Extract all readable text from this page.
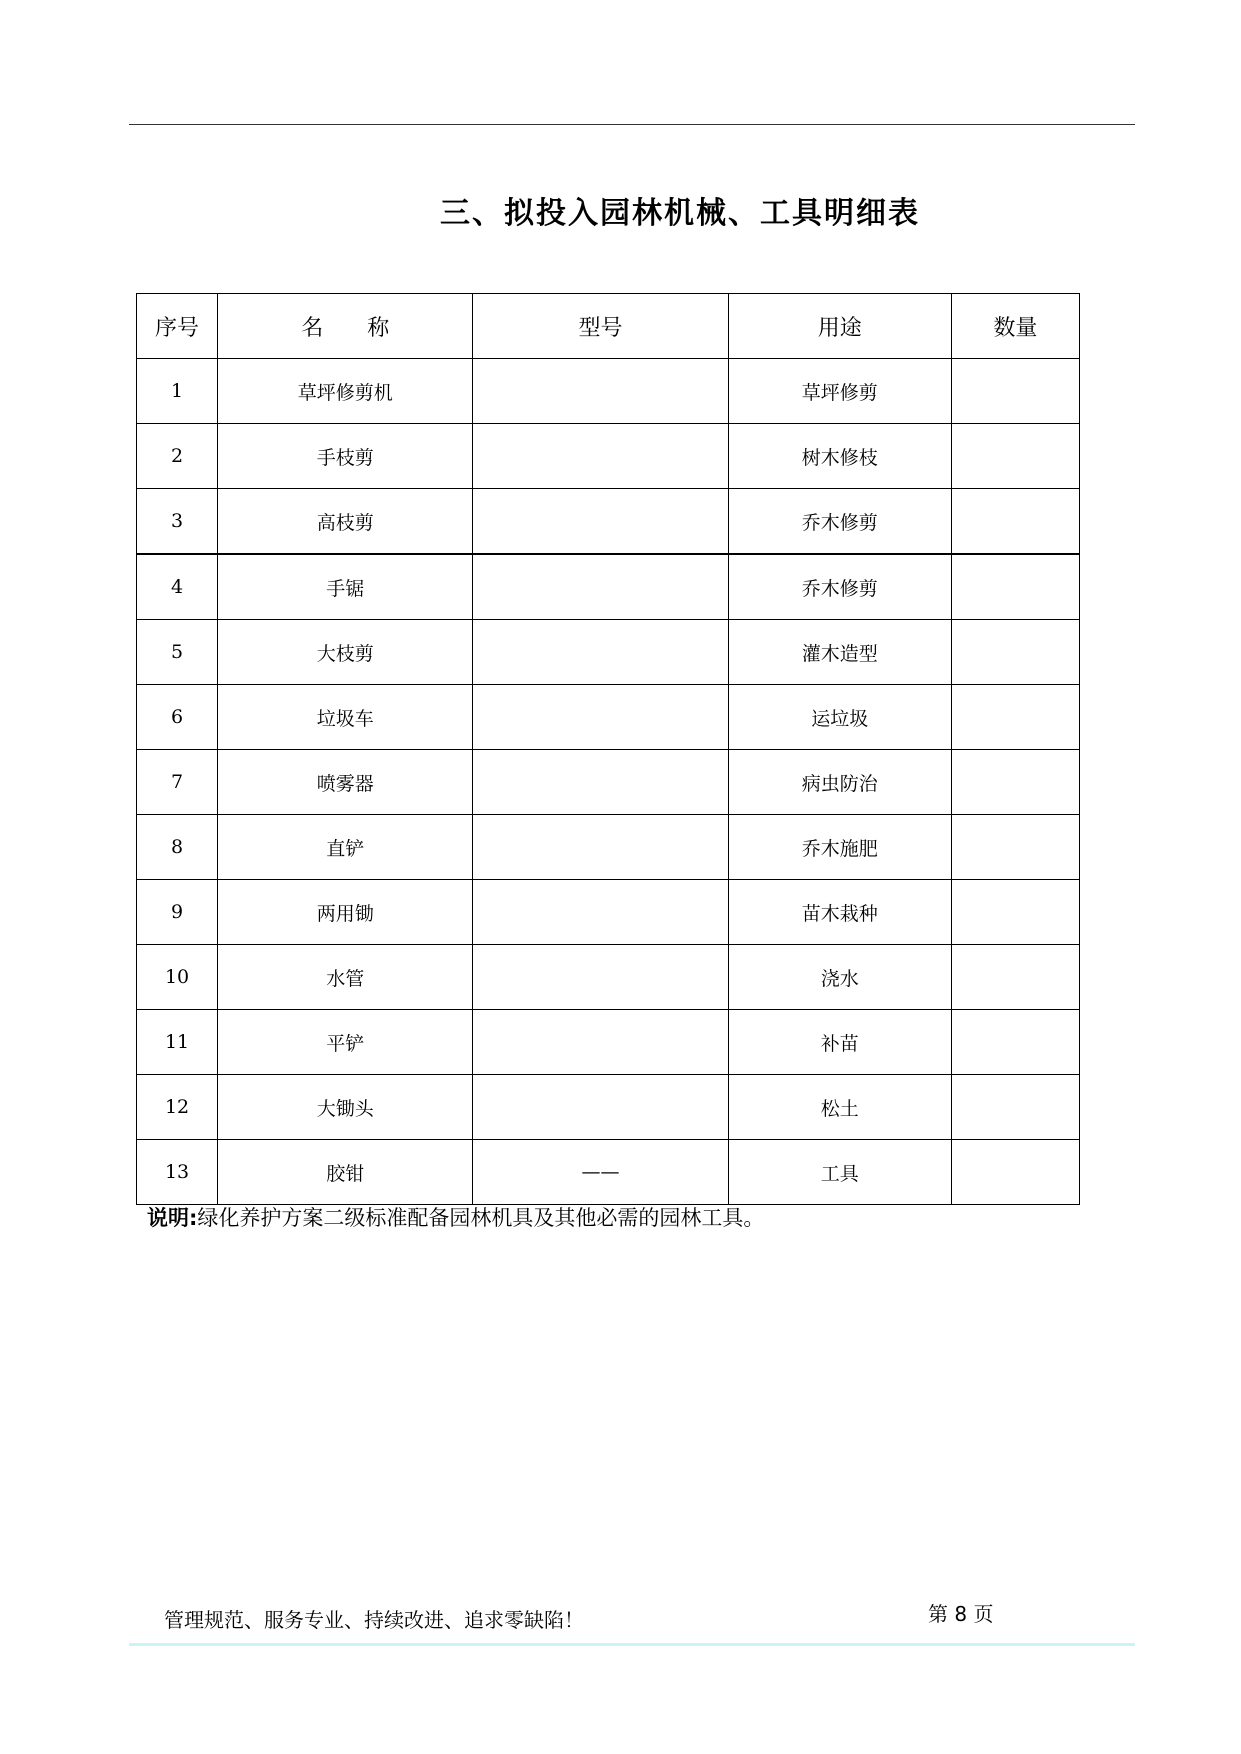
三、拟投入园林机械、工具明细表
序号	名　　称	型号	用途	数量
1	草坪修剪机		草坪修剪	
2	手枝剪		树木修枝	
3	高枝剪		乔木修剪	
4	手锯		乔木修剪	
5	大枝剪		灌木造型	
6	垃圾车		运垃圾	
7	喷雾器		病虫防治	
8	直铲		乔木施肥	
9	两用锄		苗木栽种	
10	水管		浇水	
11	平铲		补苗	
12	大锄头		松土	
13	胶钳	——	工具	

说明:绿化养护方案二级标准配备园林机具及其他必需的园林工具。

管理规范、服务专业、持续改进、追求零缺陷！	第 8 页
